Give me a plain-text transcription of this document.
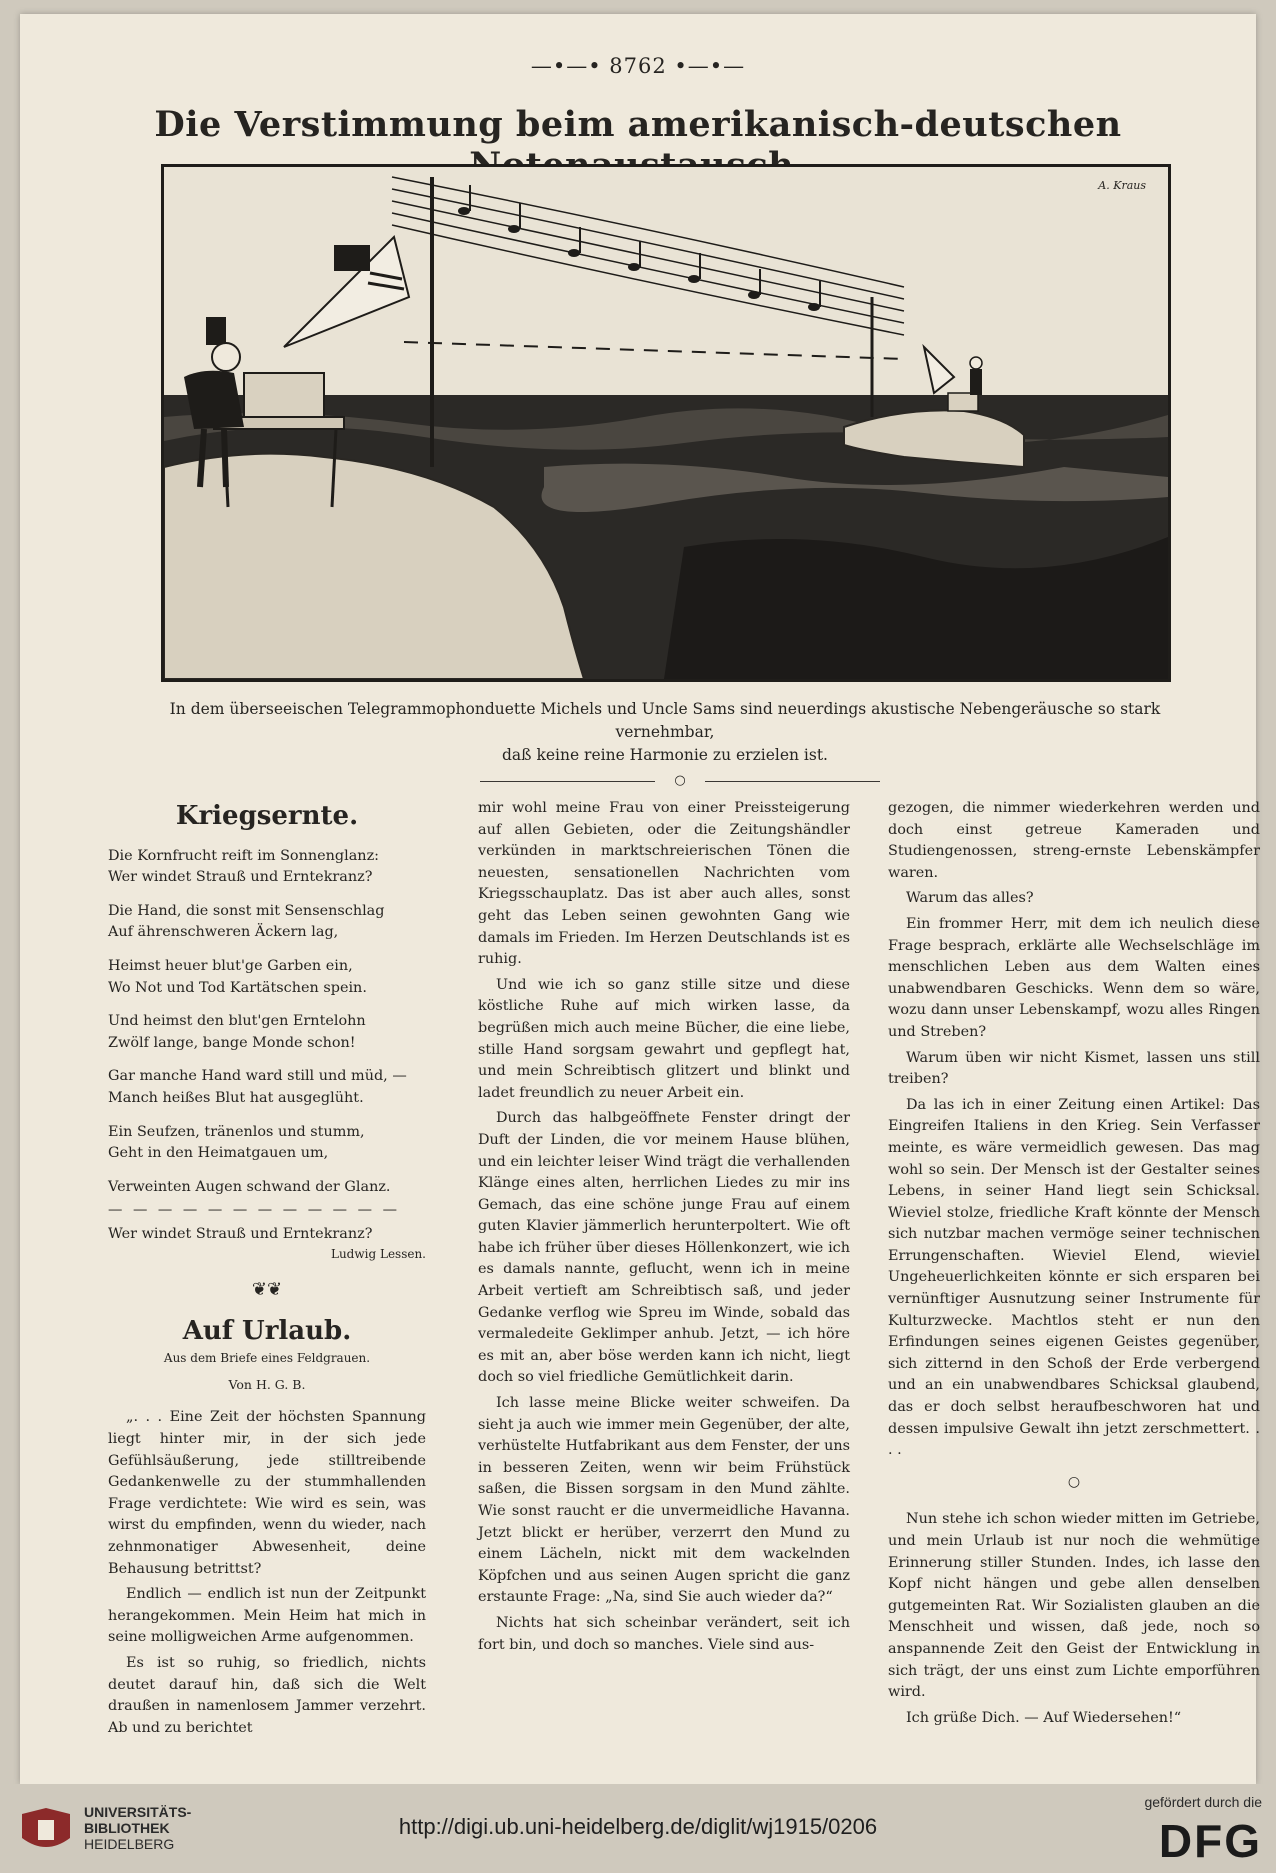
—•—• 8762 •—•—
Die Verstimmung beim amerikanisch-deutschen
A. Kraus
In dem überseeischen Telegrammophonduette Michels und Uncle Sams sind neuerdings akustische Nebengeräusche so stark vernehmbar,
daß keine reine Harmonie zu erzielen ist.
○
Kriegsernte.
Die Kornfrucht reift im Sonnenglanz:
Wer windet Strauß und Erntekranz?
Die Hand, die sonst mit Sensenschlag
Auf ährenschweren Äckern lag,
Heimst heuer blut'ge Garben ein,
Wo Not und Tod Kartätschen spein.
Und heimst den blut'gen Erntelohn
Zwölf lange, bange Monde schon!
Gar manche Hand ward still und müd, —
Manch heißes Blut hat ausgeglüht.
Ein Seufzen, tränenlos und stumm,
Geht in den Heimatgauen um,
Verweinten Augen schwand der Glanz.
— — — — — — — — — — — —
Wer windet Strauß und Erntekranz?
Ludwig Lessen.
❦❦
Auf Urlaub.
Aus dem Briefe eines Feldgrauen.
Von H. G. B.

„. . . Eine Zeit der höchsten Spannung liegt hinter mir, in der sich jede Gefühlsäußerung, jede stilltreibende Gedankenwelle zu der stummhallenden Frage verdichtete: Wie wird es sein, was wirst du empfinden, wenn du wieder, nach zehnmonatiger Abwesenheit, deine Behausung betrittst?

Endlich — endlich ist nun der Zeitpunkt herangekommen. Mein Heim hat mich in seine molligweichen Arme aufgenommen.

Es ist so ruhig, so friedlich, nichts deutet darauf hin, daß sich die Welt draußen in namenlosem Jammer verzehrt. Ab und zu berichtet

mir wohl meine Frau von einer Preissteigerung auf allen Gebieten, oder die Zeitungshändler verkünden in marktschreierischen Tönen die neuesten, sensationellen Nachrichten vom Kriegsschauplatz. Das ist aber auch alles, sonst geht das Leben seinen gewohnten Gang wie damals im Frieden. Im Herzen Deutschlands ist es ruhig.

Und wie ich so ganz stille sitze und diese köstliche Ruhe auf mich wirken lasse, da begrüßen mich auch meine Bücher, die eine liebe, stille Hand sorgsam gewahrt und gepflegt hat, und mein Schreibtisch glitzert und blinkt und ladet freundlich zu neuer Arbeit ein.

Durch das halbgeöffnete Fenster dringt der Duft der Linden, die vor meinem Hause blühen, und ein leichter leiser Wind trägt die verhallenden Klänge eines alten, herrlichen Liedes zu mir ins Gemach, das eine schöne junge Frau auf einem guten Klavier jämmerlich herunterpoltert. Wie oft habe ich früher über dieses Höllenkonzert, wie ich es damals nannte, geflucht, wenn ich in meine Arbeit vertieft am Schreibtisch saß, und jeder Gedanke verflog wie Spreu im Winde, sobald das vermaledeite Geklimper anhub. Jetzt, — ich höre es mit an, aber böse werden kann ich nicht, liegt doch so viel friedliche Gemütlichkeit darin.

Ich lasse meine Blicke weiter schweifen. Da sieht ja auch wie immer mein Gegenüber, der alte, verhüstelte Hutfabrikant aus dem Fenster, der uns in besseren Zeiten, wenn wir beim Frühstück saßen, die Bissen sorgsam in den Mund zählte. Wie sonst raucht er die unvermeidliche Havanna. Jetzt blickt er herüber, verzerrt den Mund zu einem Lächeln, nickt mit dem wackelnden Köpfchen und aus seinen Augen spricht die ganz erstaunte Frage: „Na, sind Sie auch wieder da?“

Nichts hat sich scheinbar verändert, seit ich fort bin, und doch so manches. Viele sind aus-

gezogen, die nimmer wiederkehren werden und doch einst getreue Kameraden und Studiengenossen, streng-ernste Lebenskämpfer waren.

Warum das alles?

Ein frommer Herr, mit dem ich neulich diese Frage besprach, erklärte alle Wechselschläge im menschlichen Leben aus dem Walten eines unabwendbaren Geschicks. Wenn dem so wäre, wozu dann unser Lebenskampf, wozu alles Ringen und Streben?

Warum üben wir nicht Kismet, lassen uns still treiben?

Da las ich in einer Zeitung einen Artikel: Das Eingreifen Italiens in den Krieg. Sein Verfasser meinte, es wäre vermeidlich gewesen. Das mag wohl so sein. Der Mensch ist der Gestalter seines Lebens, in seiner Hand liegt sein Schicksal. Wieviel stolze, friedliche Kraft könnte der Mensch sich nutzbar machen vermöge seiner technischen Errungenschaften. Wieviel Elend, wieviel Ungeheuerlichkeiten könnte er sich ersparen bei vernünftiger Ausnutzung seiner Instrumente für Kulturzwecke. Machtlos steht er nun den Erfindungen seines eigenen Geistes gegenüber, sich zitternd in den Schoß der Erde verbergend und an ein unabwendbares Schicksal glaubend, das er doch selbst heraufbeschworen hat und dessen impulsive Gewalt ihn jetzt zerschmettert. . . .

○

Nun stehe ich schon wieder mitten im Getriebe, und mein Urlaub ist nur noch die wehmütige Erinnerung stiller Stunden. Indes, ich lasse den Kopf nicht hängen und gebe allen denselben gutgemeinten Rat. Wir Sozialisten glauben an die Menschheit und wissen, daß jede, noch so anspannende Zeit den Geist der Entwicklung in sich trägt, der uns einst zum Lichte emporführen wird.

Ich grüße Dich. — Auf Wiedersehen!“

UNIVERSITÄTS-
BIBLIOTHEK
HEIDELBERG
http://digi.ub.uni-heidelberg.de/diglit/wj1915/0206
gefördert durch die
DFG
